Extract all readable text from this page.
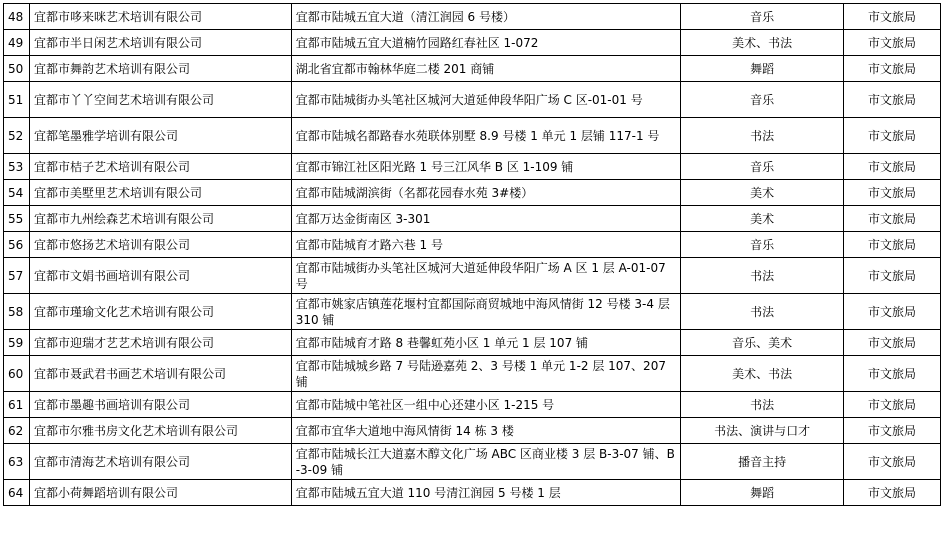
48	宜都市哆来咪艺术培训有限公司	宜都市陆城五宜大道（清江润园 6 号楼）	音乐	市文旅局
49	宜都市半日闲艺术培训有限公司	宜都市陆城五宜大道楠竹园路红春社区 1-072	美术、书法	市文旅局
50	宜都市舞韵艺术培训有限公司	湖北省宜都市翰林华庭二楼 201 商铺	舞蹈	市文旅局
51	宜都市丫丫空间艺术培训有限公司	宜都市陆城街办头笔社区城河大道延伸段华阳广场 C 区-01-01 号	音乐	市文旅局
52	宜都笔墨雅学培训有限公司	宜都市陆城名都路春水苑联体别墅 8.9 号楼 1 单元 1 层铺 117-1 号	书法	市文旅局
53	宜都市桔子艺术培训有限公司	宜都市锦江社区阳光路 1 号三江风华 B 区 1-109 铺	音乐	市文旅局
54	宜都市美墅里艺术培训有限公司	宜都市陆城湖滨街（名都花园春水苑 3#楼）	美术	市文旅局
55	宜都市九州绘森艺术培训有限公司	宜都万达金街南区 3-301	美术	市文旅局
56	宜都市悠扬艺术培训有限公司	宜都市陆城育才路六巷 1 号	音乐	市文旅局
57	宜都市文娟书画培训有限公司	宜都市陆城街办头笔社区城河大道延伸段华阳广场 A 区 1 层 A-01-07 号	书法	市文旅局
58	宜都市瑾瑜文化艺术培训有限公司	宜都市姚家店镇莲花堰村宜都国际商贸城地中海风情街 12 号楼 3-4 层 310 铺	书法	市文旅局
59	宜都市迎瑞才艺艺术培训有限公司	宜都市陆城育才路 8 巷馨虹苑小区 1 单元 1 层 107 铺	音乐、美术	市文旅局
60	宜都市聂武君书画艺术培训有限公司	宜都市陆城城乡路 7 号陆逊嘉苑 2、3 号楼 1 单元 1-2 层 107、207 铺	美术、书法	市文旅局
61	宜都市墨趣书画培训有限公司	宜都市陆城中笔社区一组中心还建小区 1-215 号	书法	市文旅局
62	宜都市尔雅书房文化艺术培训有限公司	宜都市宜华大道地中海风情街 14 栋 3 楼	书法、演讲与口才	市文旅局
63	宜都市清海艺术培训有限公司	宜都市陆城长江大道嘉木醇文化广场 ABC 区商业楼 3 层 B-3-07 铺、B-3-09 铺	播音主持	市文旅局
64	宜都小荷舞蹈培训有限公司	宜都市陆城五宜大道 110 号清江润园 5 号楼 1 层	舞蹈	市文旅局
